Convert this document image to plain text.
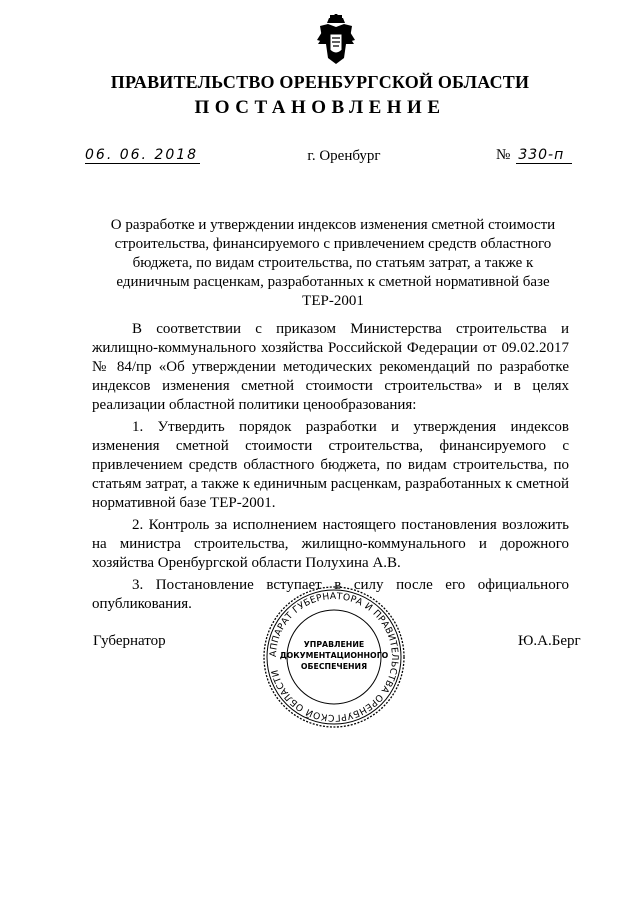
ПРАВИТЕЛЬСТВО ОРЕНБУРГСКОЙ ОБЛАСТИ
ПОСТАНОВЛЕНИЕ
06. 06. 2018	г. Оренбург	№ 330-п
О разработке и утверждении индексов изменения сметной стоимости строительства, финансируемого с привлечением средств областного бюджета, по видам строительства, по статьям затрат, а также к единичным расценкам, разработанных к сметной нормативной базе ТЕР-2001

В соответствии с приказом Министерства строительства и жилищно-коммунального хозяйства Российской Федерации от 09.02.2017 № 84/пр «Об утверждении методических рекомендаций по разработке индексов изменения сметной стоимости строительства» и в целях реализации областной политики ценообразования:

1. Утвердить порядок разработки и утверждения индексов изменения сметной стоимости строительства, финансируемого с привлечением средств областного бюджета, по видам строительства, по статьям затрат, а также к единичным расценкам, разработанных к сметной нормативной базе ТЕР-2001.

2. Контроль за исполнением настоящего постановления возложить на министра строительства, жилищно-коммунального и дорожного хозяйства Оренбургской области Полухина А.В.

3. Постановление вступает в силу после его официального опубликования.

Губернатор	Ю.А.Берг
АППАРАТ ГУБЕРНАТОРА И ПРАВИТЕЛЬСТВА ОРЕНБУРГСКОЙ ОБЛАСТИ
УПРАВЛЕНИЕ
ДОКУМЕНТАЦИОННОГО
ОБЕСПЕЧЕНИЯ
